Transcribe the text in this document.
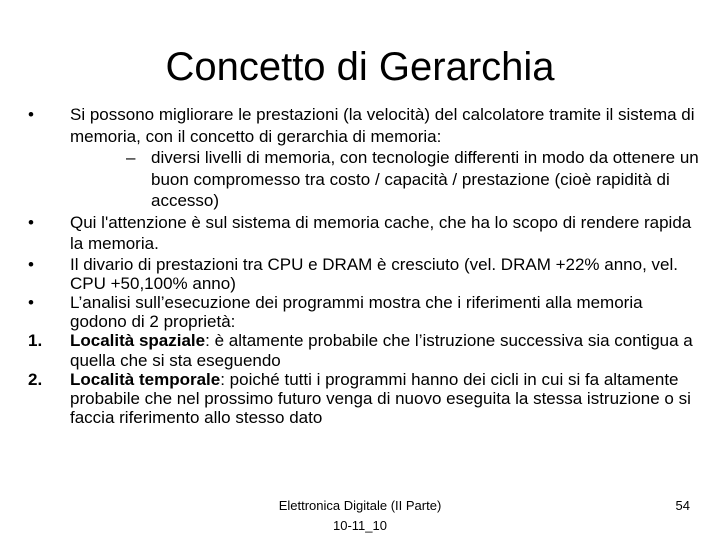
Concetto di Gerarchia
•	Si possono migliorare le prestazioni (la velocità) del calcolatore tramite il sistema di memoria, con il concetto di gerarchia di memoria:
– diversi livelli di memoria, con tecnologie differenti in modo da ottenere un buon compromesso tra costo / capacità / prestazione (cioè rapidità di accesso)
•	Qui l'attenzione è sul sistema di memoria cache, che ha lo scopo di rendere rapida la memoria.
•	Il divario di prestazioni tra CPU e DRAM è cresciuto (vel. DRAM +22% anno, vel. CPU +50,100% anno)
•	L’analisi sull’esecuzione dei programmi mostra che i riferimenti alla memoria godono di 2 proprietà:
1.	Località spaziale: è altamente probabile che l’istruzione successiva sia contigua a quella che si sta eseguendo
2.	Località temporale: poiché tutti i programmi hanno dei cicli in cui si fa altamente probabile che nel prossimo futuro venga di nuovo eseguita la stessa istruzione o si faccia riferimento allo stesso dato
Elettronica Digitale (II Parte)
10-11_10
54
